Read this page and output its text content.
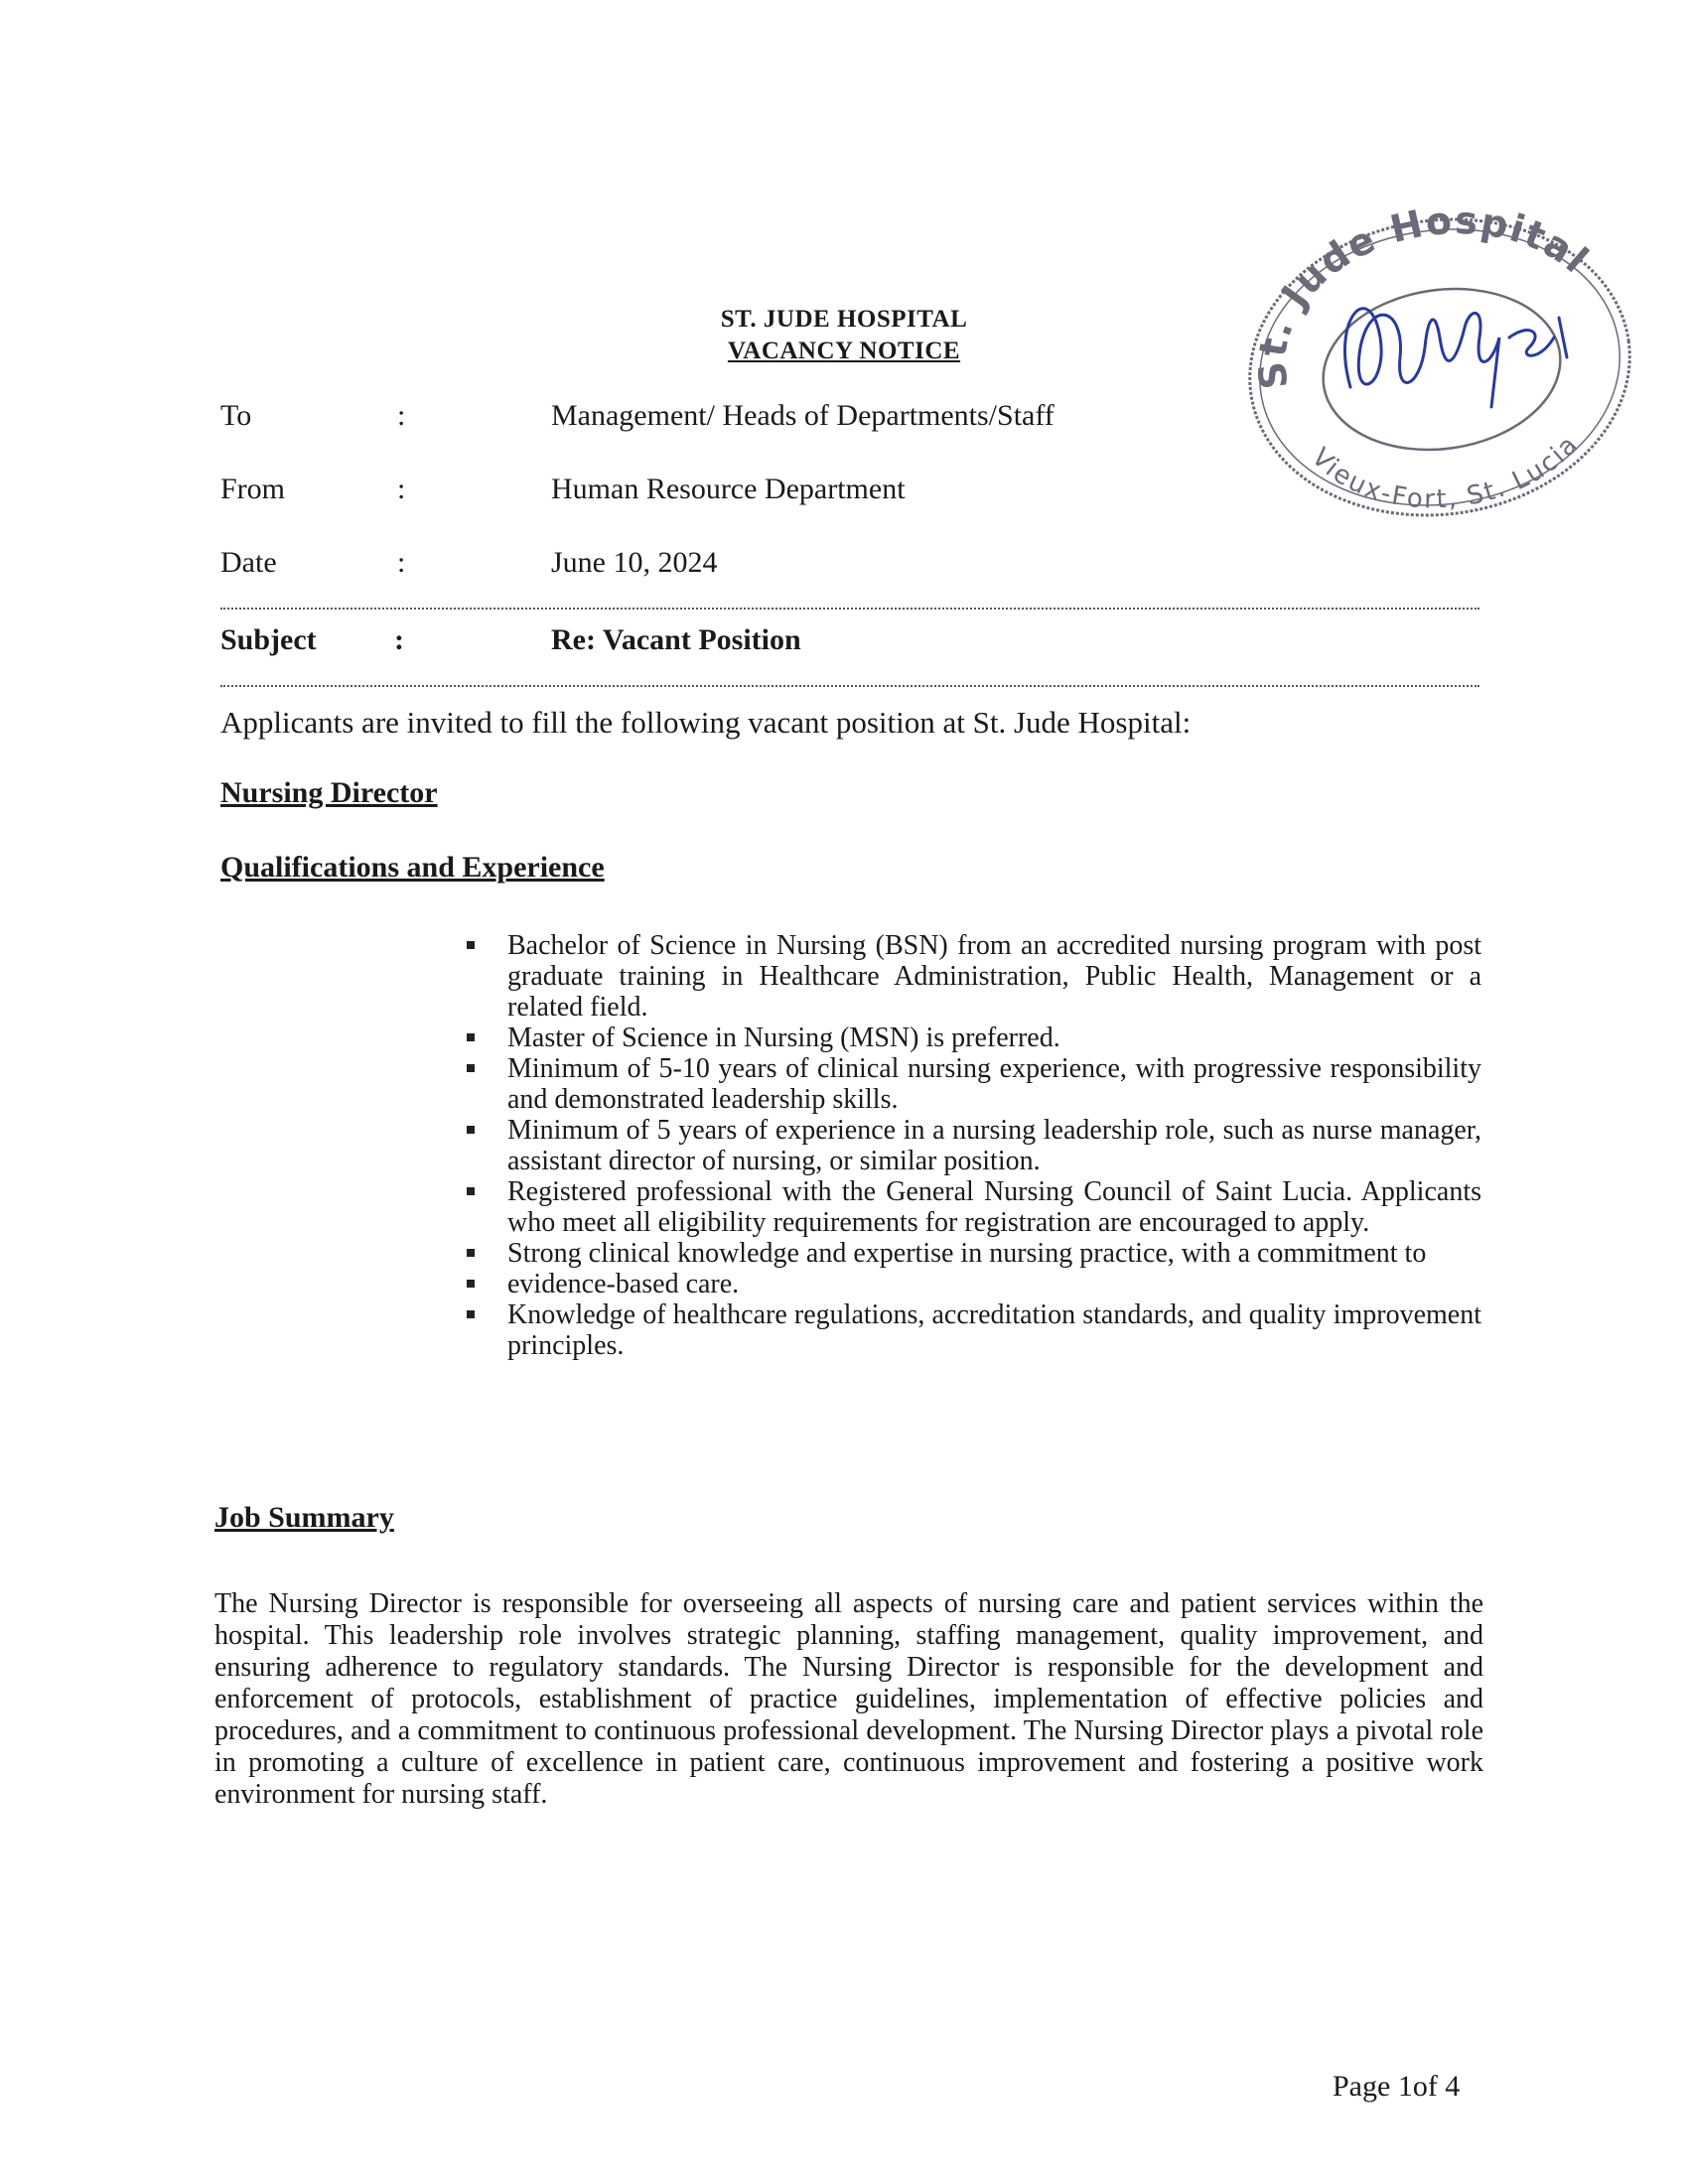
ST. JUDE HOSPITAL
VACANCY NOTICE
To	:	Management/ Heads of Departments/Staff
From	:	Human Resource Department
Date	:	June 10, 2024
Subject	:	Re: Vacant Position
Applicants are invited to fill the following vacant position at St. Jude Hospital:
Nursing Director
Qualifications and Experience
Bachelor of Science in Nursing (BSN) from an accredited nursing program with post graduate training in Healthcare Administration, Public Health, Management or a related field.
Master of Science in Nursing (MSN) is preferred.
Minimum of 5-10 years of clinical nursing experience, with progressive responsibility and demonstrated leadership skills.
Minimum of 5 years of experience in a nursing leadership role, such as nurse manager, assistant director of nursing, or similar position.
Registered professional with the General Nursing Council of Saint Lucia. Applicants who meet all eligibility requirements for registration are encouraged to apply.
Strong clinical knowledge and expertise in nursing practice, with a commitment to
evidence-based care.
Knowledge of healthcare regulations, accreditation standards, and quality improvement principles.
Job Summary

The Nursing Director is responsible for overseeing all aspects of nursing care and patient services within the hospital. This leadership role involves strategic planning, staffing management, quality improvement, and ensuring adherence to regulatory standards. The Nursing Director is responsible for the development and enforcement of protocols, establishment of practice guidelines, implementation of effective policies and procedures, and a commitment to continuous professional development. The Nursing Director plays a pivotal role in promoting a culture of excellence in patient care, continuous improvement and fostering a positive work environment for nursing staff.

Page 1of 4
St. Jude Hospital
Vieux-Fort, St. Lucia
